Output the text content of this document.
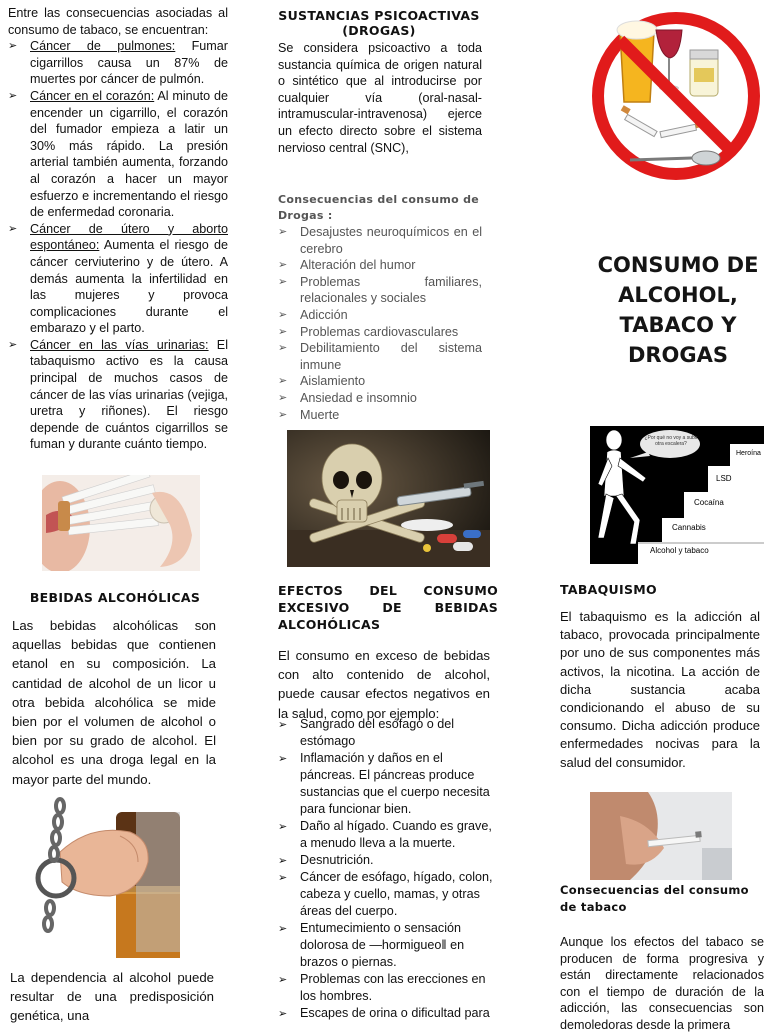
Entre las consecuencias asociadas al consumo de tabaco, se encuentran:
➢ Cáncer de pulmones: Fumar cigarrillos causa un 87% de muertes por cáncer de pulmón.
➢ Cáncer en el corazón: Al minuto de encender un cigarrillo, el corazón del fumador empieza a latir un 30% más rápido. La presión arterial también aumenta, forzando al corazón a hacer un mayor esfuerzo e incrementando el riesgo de enfermedad coronaria.
➢ Cáncer de útero y aborto espontáneo: Aumenta el riesgo de cáncer cerviuterino y de útero. A demás aumenta la infertilidad en las mujeres y provoca complicaciones durante el embarazo y el parto.
➢ Cáncer en las vías urinarias: El tabaquismo activo es la causa principal de muchos casos de cáncer de las vías urinarias (vejiga, uretra y riñones). El riesgo depende de cuántos cigarrillos se fuman y durante cuánto tiempo.
SUSTANCIAS PSICOACTIVAS (DROGAS)
Se considera psicoactivo a toda sustancia química de origen natural o sintético que al introducirse por cualquier vía (oral-nasal-intramuscular-intravenosa) ejerce un efecto directo sobre el sistema nervioso central (SNC),
Consecuencias del consumo de Drogas :
➢ Desajustes neuroquímicos en el cerebro
➢ Alteración del humor
➢ Problemas familiares, relacionales y sociales
➢ Adicción
➢ Problemas cardiovasculares
➢ Debilitamiento del sistema inmune
➢ Aislamiento
➢ Ansiedad e insomnio
➢ Muerte
CONSUMO DE ALCOHOL, TABACO Y DROGAS
¿Por qué no voy a subir otra escalera?
Heroína
LSD
Cocaína
Cannabis
Alcohol y tabaco
BEBIDAS ALCOHÓLICAS
Las bebidas alcohólicas son aquellas bebidas que contienen etanol en su composición. La cantidad de alcohol de un licor u otra bebida alcohólica se mide bien por el volumen de alcohol o bien por su grado de alcohol. El alcohol es una droga legal en la mayor parte del mundo.
La dependencia al alcohol puede resultar de una predisposición genética, una
EFECTOS DEL CONSUMO EXCESIVO DE BEBIDAS ALCOHÓLICAS
El consumo en exceso de bebidas con alto contenido de alcohol, puede causar efectos negativos en la salud, como por ejemplo:
➢ Sangrado del esófago o del estómago
➢ Inflamación y daños en el páncreas. El páncreas produce sustancias que el cuerpo necesita para funcionar bien.
➢ Daño al hígado. Cuando es grave, a menudo lleva a la muerte.
➢ Desnutrición.
➢ Cáncer de esófago, hígado, colon, cabeza y cuello, mamas, y otras áreas del cuerpo.
➢ Entumecimiento o sensación dolorosa de ―hormigueo‖ en brazos o piernas.
➢ Problemas con las erecciones en los hombres.
➢ Escapes de orina o dificultad para
TABAQUISMO
El tabaquismo es la adicción al tabaco, provocada principalmente por uno de sus componentes más activos, la nicotina. La acción de dicha sustancia acaba condicionando el abuso de su consumo. Dicha adicción produce enfermedades nocivas para la salud del consumidor.
Consecuencias del consumo de tabaco
Aunque los efectos del tabaco se producen de forma progresiva y están directamente relacionados con el tiempo de duración de la adicción, las consecuencias son demoledoras desde la primera
